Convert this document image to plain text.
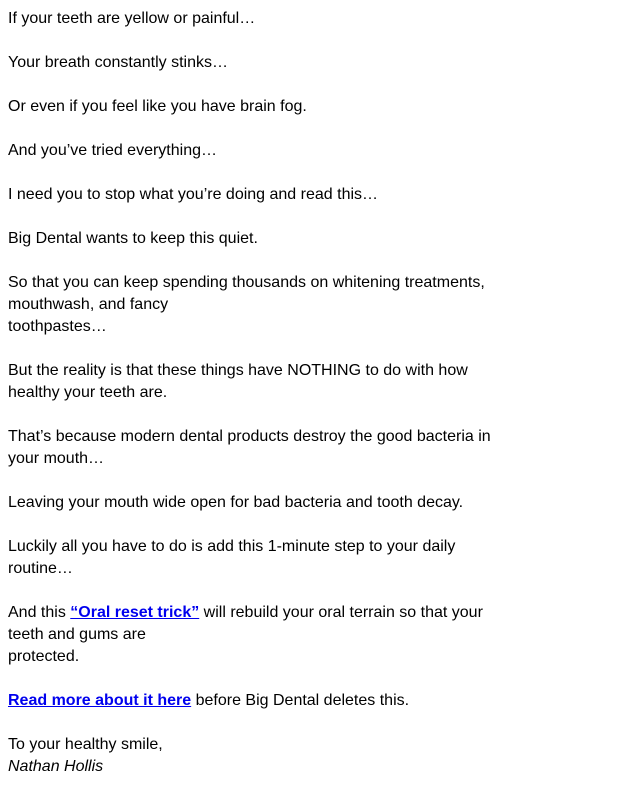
If your teeth are yellow or painful…

Your breath constantly stinks…

Or even if you feel like you have brain fog.

And you’ve tried everything…

I need you to stop what you’re doing and read this…

Big Dental wants to keep this quiet.

So that you can keep spending thousands on whitening treatments,
mouthwash, and fancy
toothpastes…

But the reality is that these things have NOTHING to do with how
healthy your teeth are.

That’s because modern dental products destroy the good bacteria in
your mouth…

Leaving your mouth wide open for bad bacteria and tooth decay.

Luckily all you have to do is add this 1-minute step to your daily
routine…

And this “Oral reset trick” will rebuild your oral terrain so that your
teeth and gums are
protected.

Read more about it here before Big Dental deletes this.

To your healthy smile,
Nathan Hollis
